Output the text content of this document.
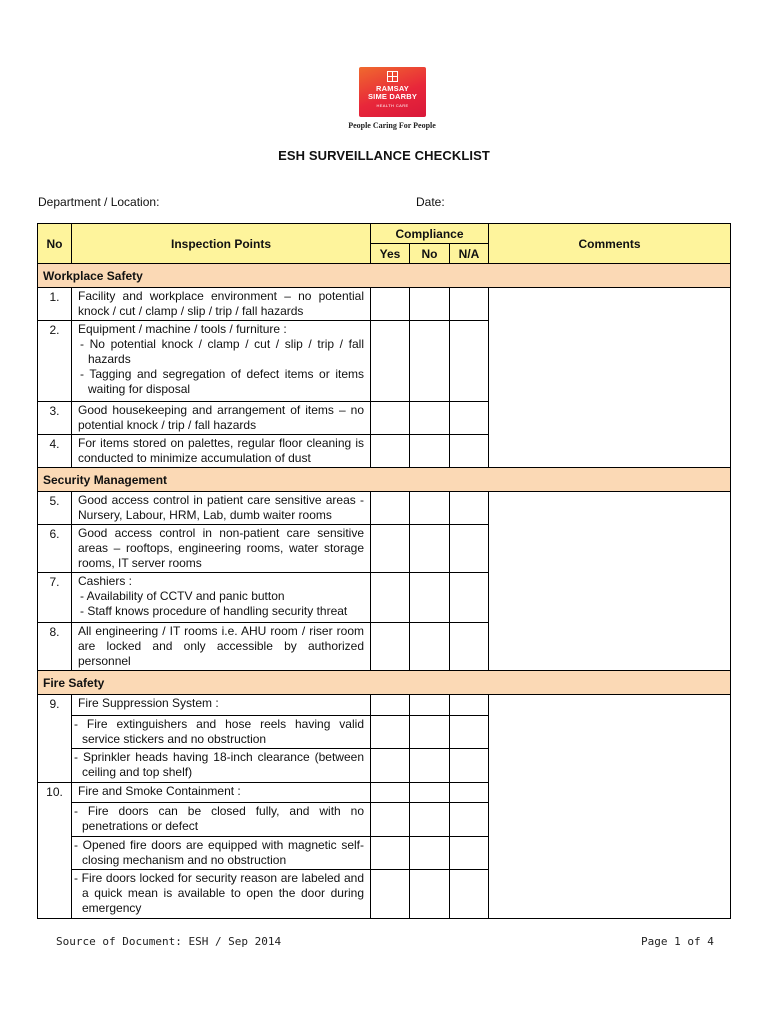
RAMSAY
SIME DARBY
HEALTH CARE
People Caring For People
ESH SURVEILLANCE CHECKLIST
Department / Location:	Date:
No	Inspection Points	Compliance			Comments
		Yes	No	N/A	
Workplace Safety					
1.	Facility and workplace environment – no potential knock / cut / clamp / slip / trip / fall hazards				
2.	Equipment / machine / tools / furniture :
- No potential knock / clamp / cut / slip / trip / fall hazards
- Tagging and segregation of defect items or items waiting for disposal				

3.	Good housekeeping and arrangement of items – no potential knock / trip / fall hazards				
4.	For items stored on palettes, regular floor cleaning is conducted to minimize accumulation of dust				
Security Management					
5.	Good access control in patient care sensitive areas - Nursery, Labour, HRM, Lab, dumb waiter rooms				
6.	Good access control in non-patient care sensitive areas – rooftops, engineering rooms, water storage rooms, IT server rooms				
7.	Cashiers :
- Availability of CCTV and panic button
- Staff knows procedure of handling security threat				

8.	All engineering / IT rooms i.e. AHU room / riser room are locked and only accessible by authorized personnel				
Fire Safety					
9.	Fire Suppression System :				
	- Fire extinguishers and hose reels having valid service stickers and no obstruction				
	- Sprinkler heads having 18-inch clearance (between ceiling and top shelf)				
10.	Fire and Smoke Containment :				
	- Fire doors can be closed fully, and with no penetrations or defect				
	- Opened fire doors are equipped with magnetic self-closing mechanism and no obstruction				
	- Fire doors locked for security reason are labeled and a quick mean is available to open the door during emergency				
Source of Document: ESH / Sep 2014	Page 1 of 4
